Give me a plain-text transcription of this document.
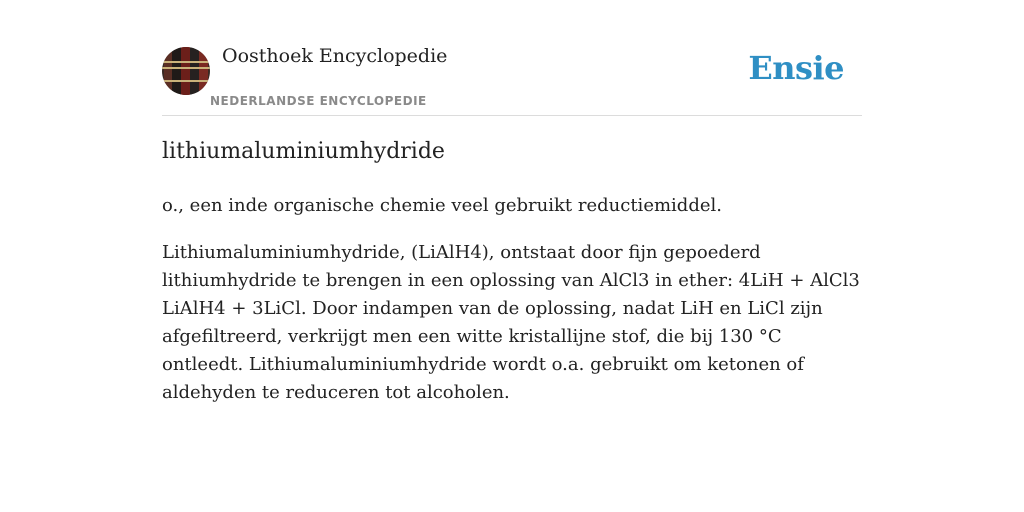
Oosthoek Encyclopedie
NEDERLANDSE ENCYCLOPEDIE
Ensie
lithiumaluminiumhydride

o., een inde organische chemie veel gebruikt reductiemiddel.

Lithiumaluminiumhydride, (LiAlH4), ontstaat door fijn gepoederd lithiumhydride te brengen in een oplossing van AlCl3 in ether: 4LiH + AlCl3 LiAlH4 + 3LiCl. Door indampen van de oplossing, nadat LiH en LiCl zijn afgefiltreerd, verkrijgt men een witte kristallijne stof, die bij 130 °C ontleedt. Lithiumaluminiumhydride wordt o.a. gebruikt om ketonen of aldehyden te reduceren tot alcoholen.
